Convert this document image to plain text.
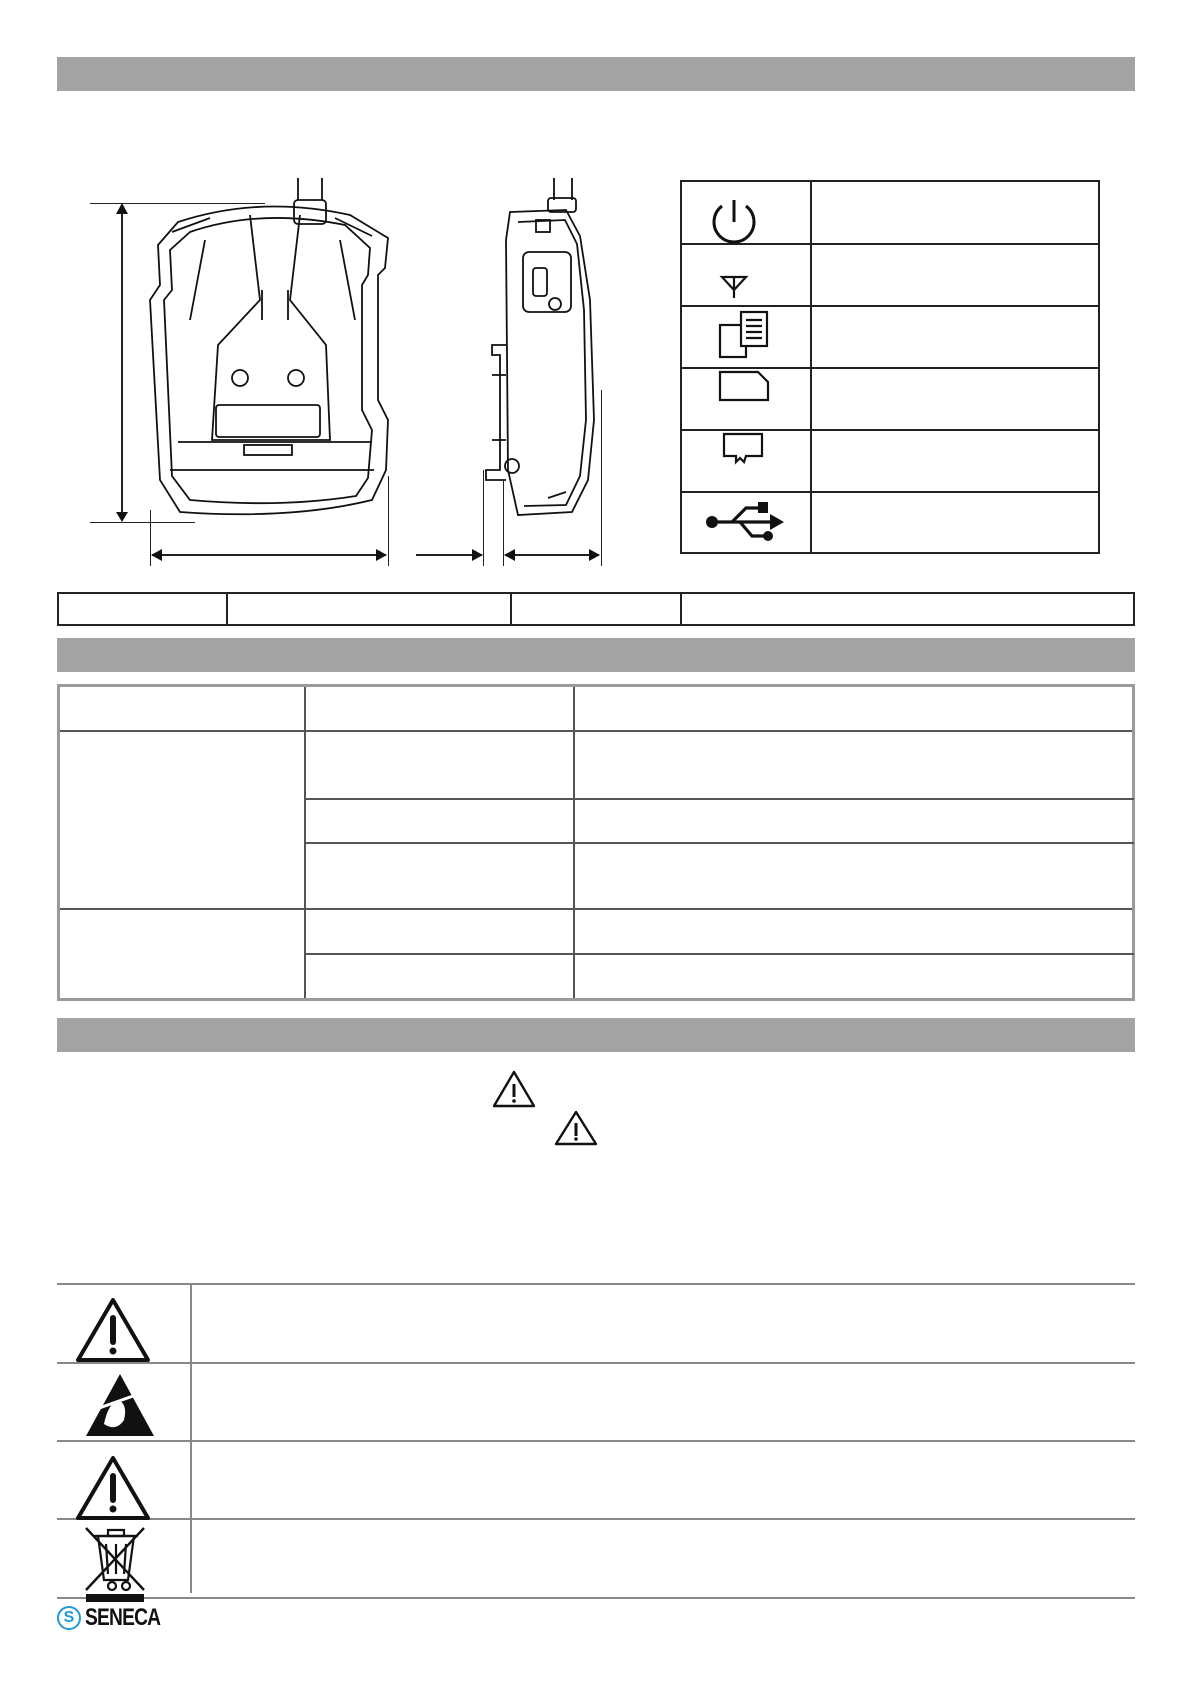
S SENECA
